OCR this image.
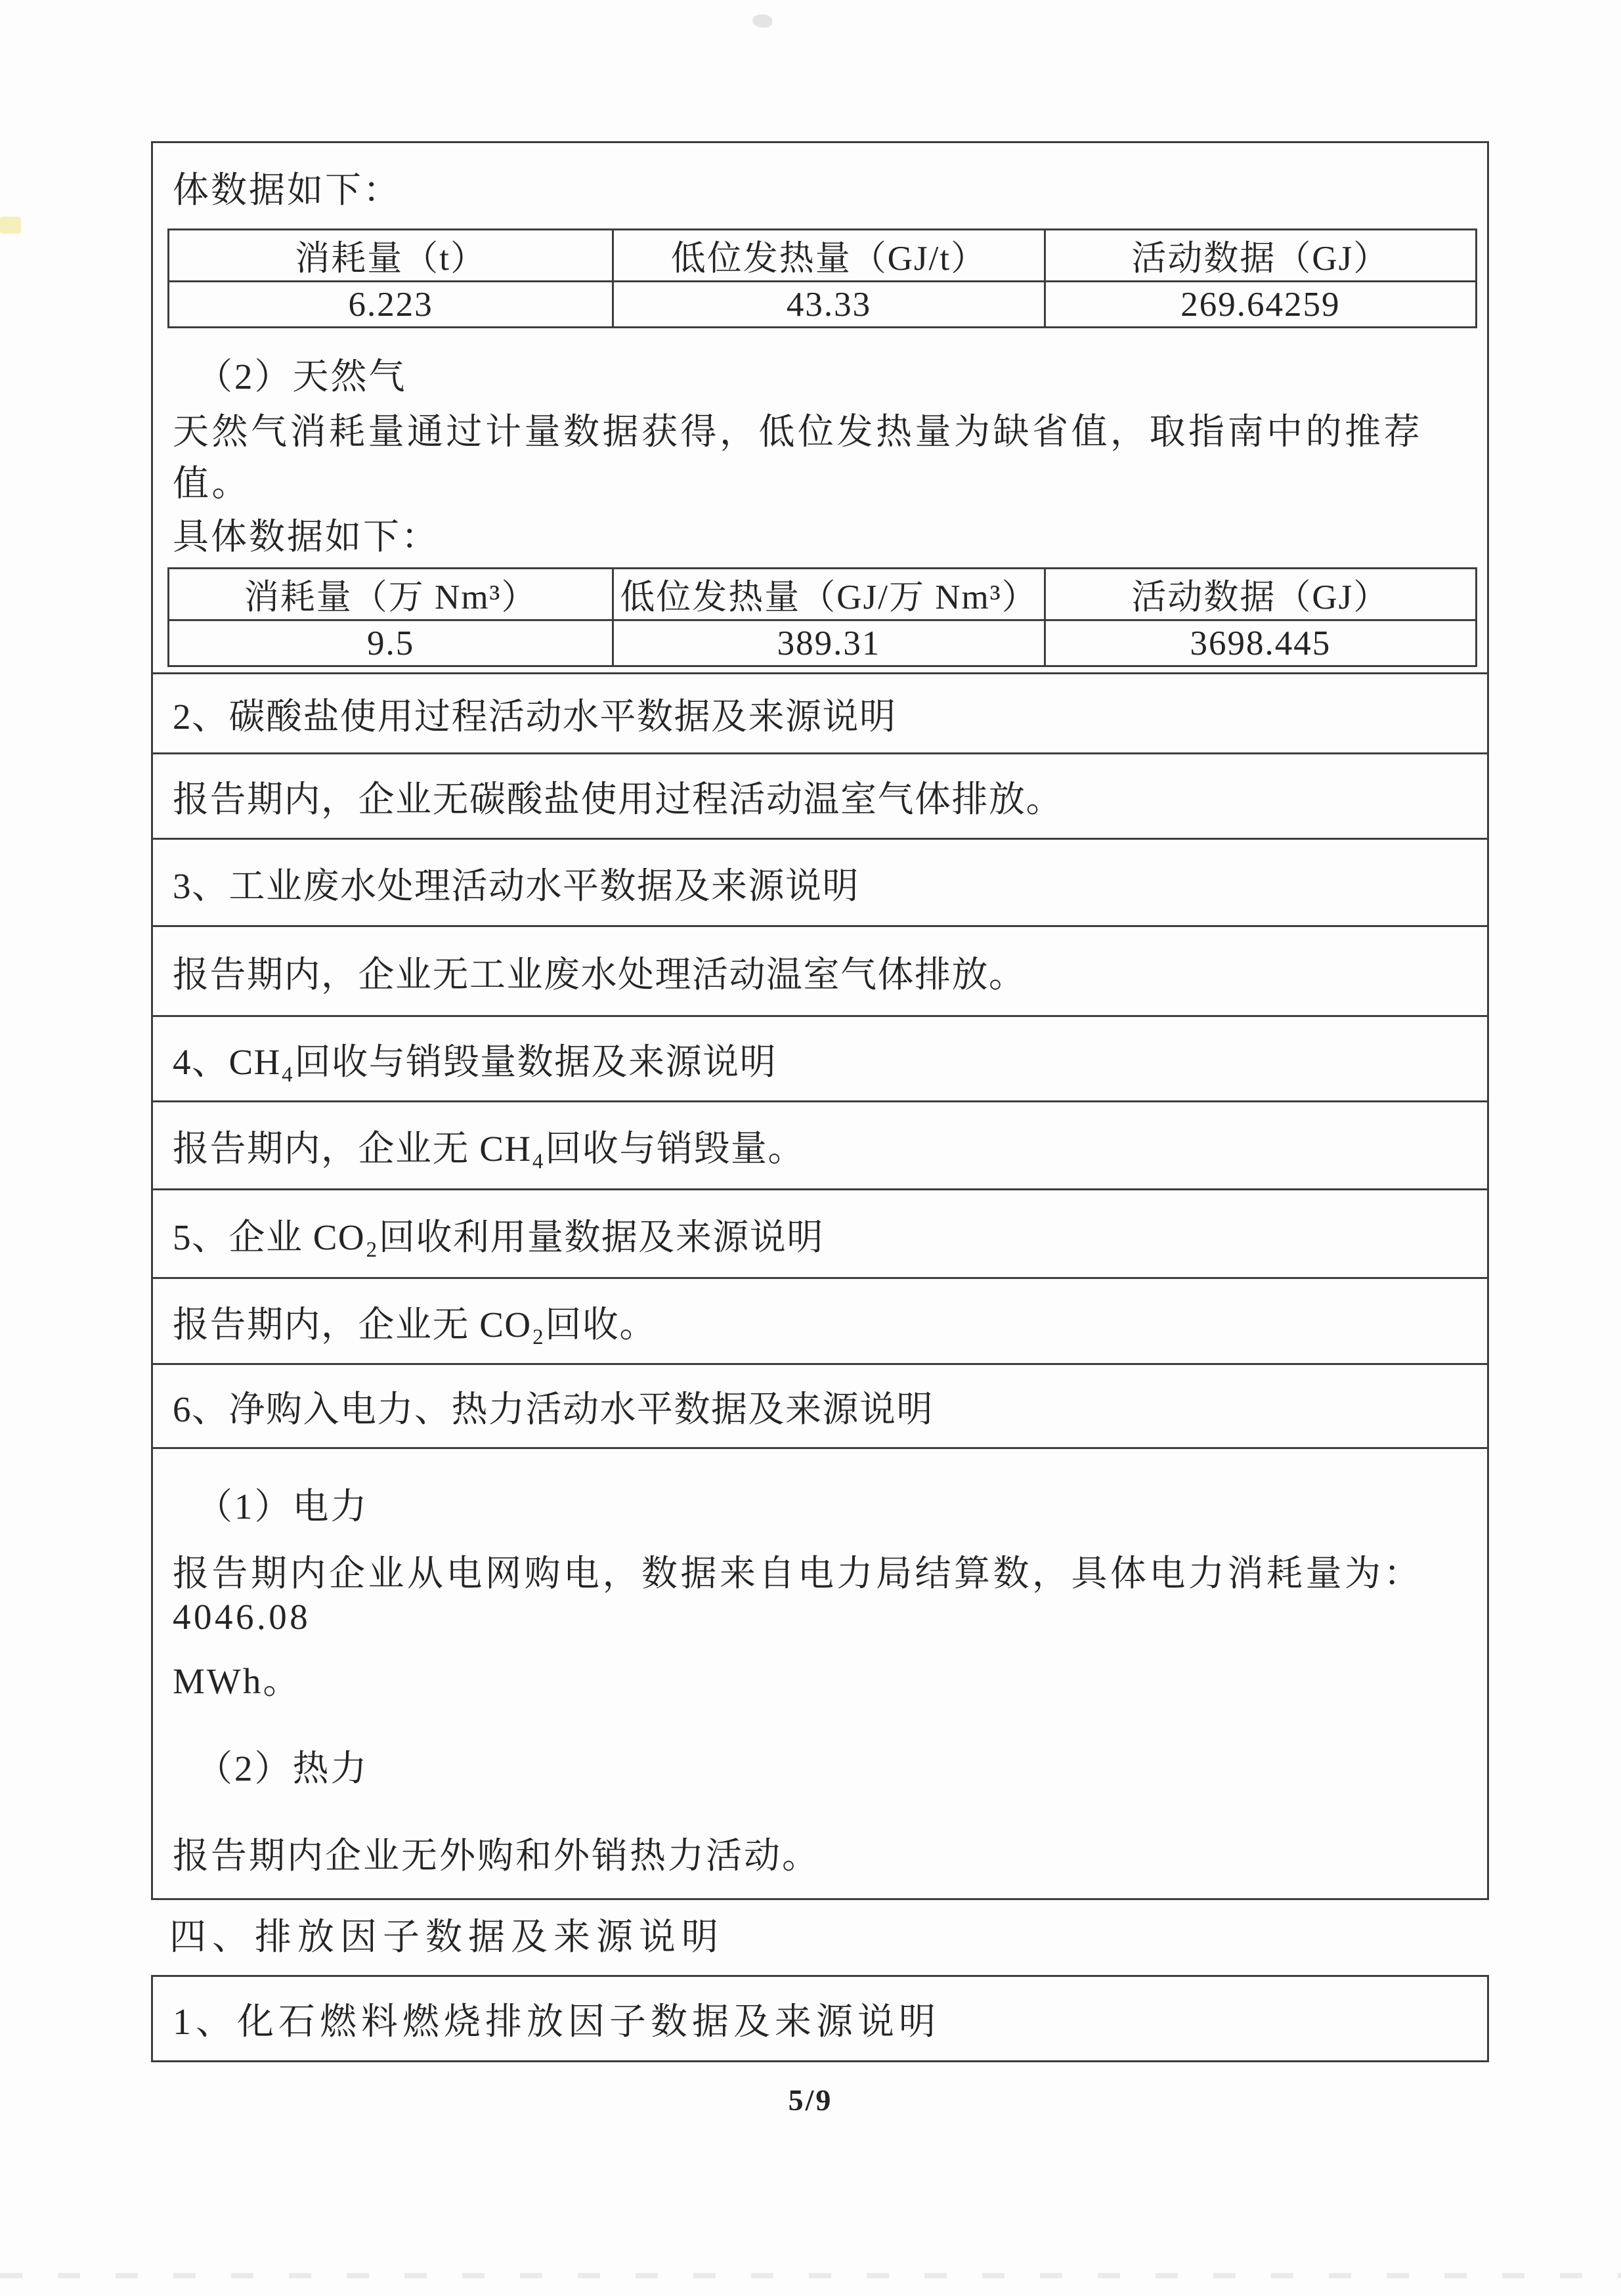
体数据如下：

消耗量（t）	低位发热量（GJ/t）	活动数据（GJ）
6.223	43.33	269.64259

（2）天然气

天然气消耗量通过计量数据获得，低位发热量为缺省值，取指南中的推荐值。

具体数据如下：

消耗量（万 Nm³）	低位发热量（GJ/万 Nm³）	活动数据（GJ）
9.5	389.31	3698.445
2、碳酸盐使用过程活动水平数据及来源说明
报告期内，企业无碳酸盐使用过程活动温室气体排放。
3、工业废水处理活动水平数据及来源说明
报告期内，企业无工业废水处理活动温室气体排放。
4、CH₄回收与销毁量数据及来源说明
报告期内，企业无 CH₄回收与销毁量。
5、企业 CO₂回收利用量数据及来源说明
报告期内，企业无 CO₂回收。
6、净购入电力、热力活动水平数据及来源说明

（1）电力

报告期内企业从电网购电，数据来自电力局结算数，具体电力消耗量为：4046.08

MWh。

（2）热力

报告期内企业无外购和外销热力活动。

四、排放因子数据及来源说明
1、化石燃料燃烧排放因子数据及来源说明
5/9
